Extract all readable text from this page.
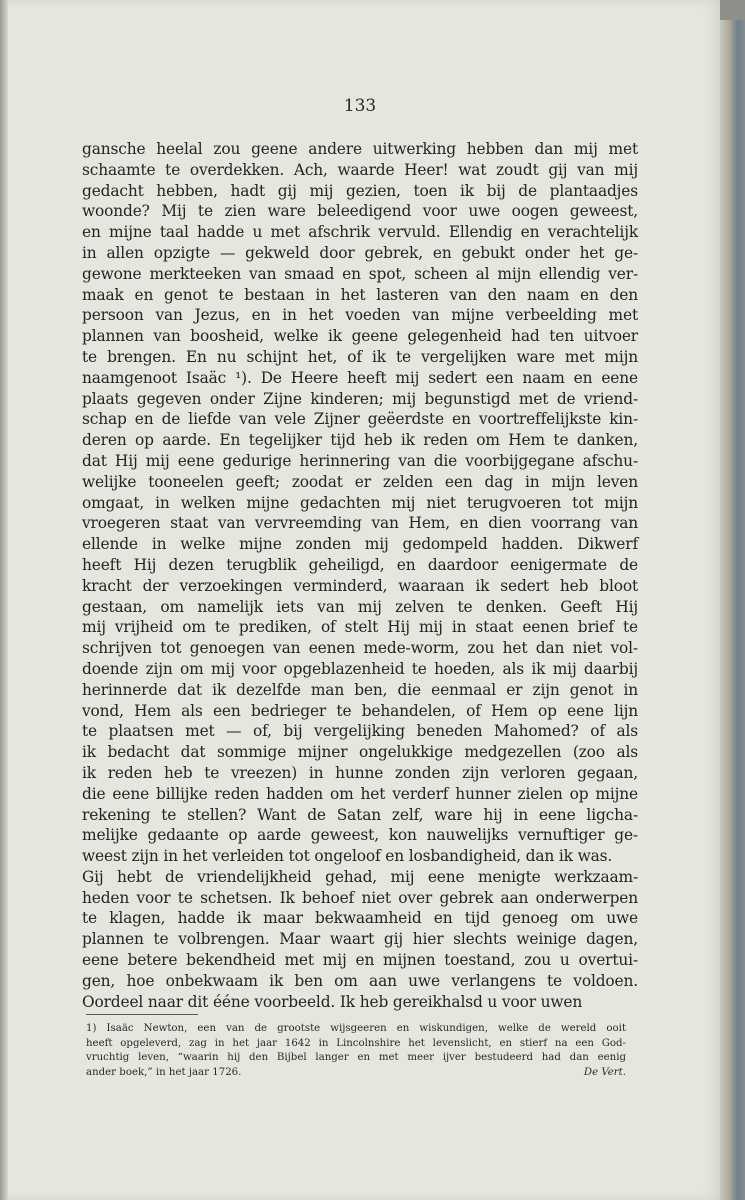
133
gansche heelal zou geene andere uitwerking hebben dan mij met
schaamte te overdekken. Ach, waarde Heer! wat zoudt gij van mij
gedacht hebben, hadt gij mij gezien, toen ik bij de plantaadjes
woonde? Mij te zien ware beleedigend voor uwe oogen geweest,
en mijne taal hadde u met afschrik vervuld. Ellendig en verachtelijk
in allen opzigte — gekweld door gebrek, en gebukt onder het ge-
gewone merkteeken van smaad en spot, scheen al mijn ellendig ver-
maak en genot te bestaan in het lasteren van den naam en den
persoon van Jezus, en in het voeden van mijne verbeelding met
plannen van boosheid, welke ik geene gelegenheid had ten uitvoer
te brengen. En nu schijnt het, of ik te vergelijken ware met mijn
naamgenoot Isaäc ¹). De Heere heeft mij sedert een naam en eene
plaats gegeven onder Zijne kinderen; mij begunstigd met de vriend-
schap en de liefde van vele Zijner geëerdste en voortreffelijkste kin-
deren op aarde. En tegelijker tijd heb ik reden om Hem te danken,
dat Hij mij eene gedurige herinnering van die voorbijgegane afschu-
welijke tooneelen geeft; zoodat er zelden een dag in mijn leven
omgaat, in welken mijne gedachten mij niet terugvoeren tot mijn
vroegeren staat van vervreemding van Hem, en dien voorrang van
ellende in welke mijne zonden mij gedompeld hadden. Dikwerf
heeft Hij dezen terugblik geheiligd, en daardoor eenigermate de
kracht der verzoekingen verminderd, waaraan ik sedert heb bloot
gestaan, om namelijk iets van mij zelven te denken. Geeft Hij
mij vrijheid om te prediken, of stelt Hij mij in staat eenen brief te
schrijven tot genoegen van eenen mede-worm, zou het dan niet vol-
doende zijn om mij voor opgeblazenheid te hoeden, als ik mij daarbij
herinnerde dat ik dezelfde man ben, die eenmaal er zijn genot in
vond, Hem als een bedrieger te behandelen, of Hem op eene lijn
te plaatsen met — of, bij vergelijking beneden Mahomed? of als
ik bedacht dat sommige mijner ongelukkige medgezellen (zoo als
ik reden heb te vreezen) in hunne zonden zijn verloren gegaan,
die eene billijke reden hadden om het verderf hunner zielen op mijne
rekening te stellen? Want de Satan zelf, ware hij in eene ligcha-
melijke gedaante op aarde geweest, kon nauwelijks vernuftiger ge-
weest zijn in het verleiden tot ongeloof en losbandigheid, dan ik was.
Gij hebt de vriendelijkheid gehad, mij eene menigte werkzaam-
heden voor te schetsen. Ik behoef niet over gebrek aan onderwerpen
te klagen, hadde ik maar bekwaamheid en tijd genoeg om uwe
plannen te volbrengen. Maar waart gij hier slechts weinige dagen,
eene betere bekendheid met mij en mijnen toestand, zou u overtui-
gen, hoe onbekwaam ik ben om aan uwe verlangens te voldoen.
Oordeel naar dit ééne voorbeeld. Ik heb gereikhalsd u voor uwen
1) Isaäc Newton, een van de grootste wijsgeeren en wiskundigen, welke de wereld ooit
heeft opgeleverd, zag in het jaar 1642 in Lincolnshire het levenslicht, en stierf na een God-
vruchtig leven, “waarin hij den Bijbel langer en met meer ijver bestudeerd had dan eenig
ander boek,” in het jaar 1726.	De Vert.
